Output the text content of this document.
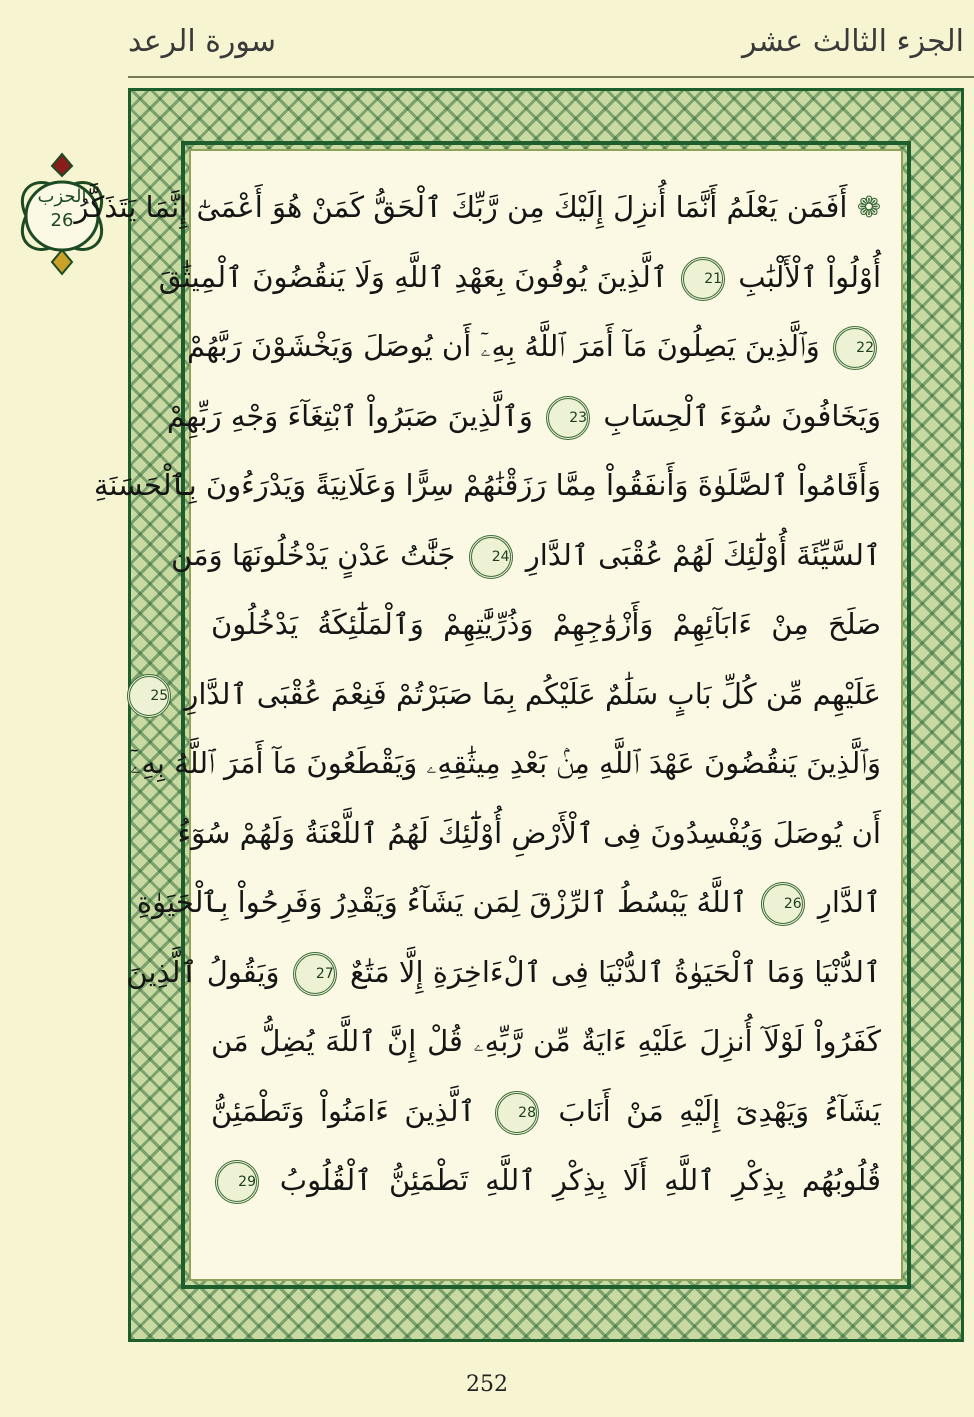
الجزء الثالث عشر
سورة الرعد
الحزب
26	❁ أَفَمَن يَعْلَمُ أَنَّمَا أُنزِلَ إِلَيْكَ مِن رَّبِّكَ ٱلْحَقُّ كَمَنْ هُوَ أَعْمَىٰٓ إِنَّمَا يَتَذَكَّرُ
أُوْلُواْ ٱلْأَلْبَٰبِ 21 ٱلَّذِينَ يُوفُونَ بِعَهْدِ ٱللَّهِ وَلَا يَنقُضُونَ ٱلْمِيثَٰقَ
22 وَٱلَّذِينَ يَصِلُونَ مَآ أَمَرَ ٱللَّهُ بِهِۦٓ أَن يُوصَلَ وَيَخْشَوْنَ رَبَّهُمْ
وَيَخَافُونَ سُوٓءَ ٱلْحِسَابِ 23 وَٱلَّذِينَ صَبَرُواْ ٱبْتِغَآءَ وَجْهِ رَبِّهِمْ
وَأَقَامُواْ ٱلصَّلَوٰةَ وَأَنفَقُواْ مِمَّا رَزَقْنَٰهُمْ سِرًّا وَعَلَانِيَةً وَيَدْرَءُونَ بِٱلْحَسَنَةِ
ٱلسَّيِّئَةَ أُوْلَٰٓئِكَ لَهُمْ عُقْبَى ٱلدَّارِ 24 جَنَّٰتُ عَدْنٍ يَدْخُلُونَهَا وَمَن
صَلَحَ مِنْ ءَابَآئِهِمْ وَأَزْوَٰجِهِمْ وَذُرِّيَّٰتِهِمْ وَٱلْمَلَٰٓئِكَةُ يَدْخُلُونَ
عَلَيْهِم مِّن كُلِّ بَابٍ سَلَٰمٌ عَلَيْكُم بِمَا صَبَرْتُمْ فَنِعْمَ عُقْبَى ٱلدَّارِ 25
وَٱلَّذِينَ يَنقُضُونَ عَهْدَ ٱللَّهِ مِنۢ بَعْدِ مِيثَٰقِهِۦ وَيَقْطَعُونَ مَآ أَمَرَ ٱللَّهُ بِهِۦٓ
أَن يُوصَلَ وَيُفْسِدُونَ فِى ٱلْأَرْضِ أُوْلَٰٓئِكَ لَهُمُ ٱللَّعْنَةُ وَلَهُمْ سُوٓءُ
ٱلدَّارِ 26 ٱللَّهُ يَبْسُطُ ٱلرِّزْقَ لِمَن يَشَآءُ وَيَقْدِرُ وَفَرِحُواْ بِٱلْحَيَوٰةِ
ٱلدُّنْيَا وَمَا ٱلْحَيَوٰةُ ٱلدُّنْيَا فِى ٱلْءَاخِرَةِ إِلَّا مَتَٰعٌ 27 وَيَقُولُ ٱلَّذِينَ
كَفَرُواْ لَوْلَآ أُنزِلَ عَلَيْهِ ءَايَةٌ مِّن رَّبِّهِۦ قُلْ إِنَّ ٱللَّهَ يُضِلُّ مَن
يَشَآءُ وَيَهْدِىٓ إِلَيْهِ مَنْ أَنَابَ 28 ٱلَّذِينَ ءَامَنُواْ وَتَطْمَئِنُّ
قُلُوبُهُم بِذِكْرِ ٱللَّهِ أَلَا بِذِكْرِ ٱللَّهِ تَطْمَئِنُّ ٱلْقُلُوبُ 29
252
